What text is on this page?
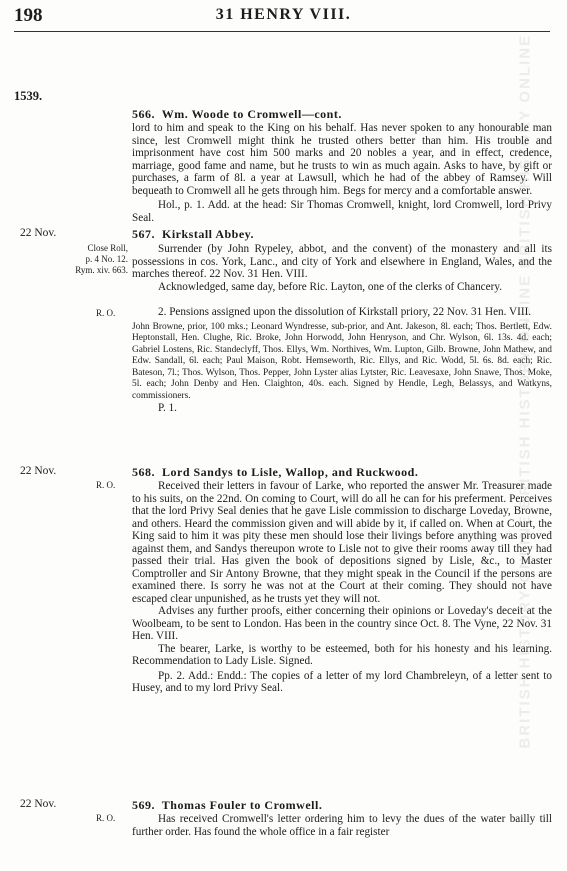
198	31 HENRY VIII.
1539.
566. Wm. Woode to Cromwell—cont.

lord to him and speak to the King on his behalf. Has never spoken to any honourable man since, lest Cromwell might think he trusted others better than him. His trouble and imprisonment have cost him 500 marks and 20 nobles a year, and in effect, credence, marriage, good fame and name, but he trusts to win as much again. Asks to have, by gift or purchases, a farm of 8l. a year at Lawsull, which he had of the abbey of Ramsey. Will bequeath to Cromwell all he gets through him. Begs for mercy and a comfortable answer.

Hol., p. 1. Add. at the head: Sir Thomas Cromwell, knight, lord Cromwell, lord Privy Seal.

22 Nov.	567. Kirkstall Abbey.
Close Roll,
p. 4 No. 12.
Rym. xiv. 663.

Surrender (by John Rypeley, abbot, and the convent) of the monastery and all its possessions in cos. York, Lanc., and city of York and elsewhere in England, Wales, and the marches thereof. 22 Nov. 31 Hen. VIII.

Acknowledged, same day, before Ric. Layton, one of the clerks of Chancery.

R. O.	2. Pensions assigned upon the dissolution of Kirkstall priory, 22 Nov. 31 Hen. VIII.

John Browne, prior, 100 mks.; Leonard Wyndresse, sub-prior, and Ant. Jakeson, 8l. each; Thos. Bertlett, Edw. Heptonstall, Hen. Clughe, Ric. Broke, John Horwodd, John Henryson, and Chr. Wylson, 6l. 13s. 4d. each; Gabriel Lostens, Ric. Standeclyff, Thos. Ellys, Wm. Northives, Wm. Lupton, Gilb. Browne, John Mathew, and Edw. Sandall, 6l. each; Paul Maison, Robt. Hemseworth, Ric. Ellys, and Ric. Wodd, 5l. 6s. 8d. each; Ric. Bateson, 7l.; Thos. Wylson, Thos. Pepper, John Lyster alias Lytster, Ric. Leavesaxe, John Snawe, Thos. Moke, 5l. each; John Denby and Hen. Claighton, 40s. each. Signed by Hendle, Legh, Belassys, and Watkyns, commissioners.

P. 1.

22 Nov.
R. O.
568. Lord Sandys to Lisle, Wallop, and Ruckwood.

Received their letters in favour of Larke, who reported the answer Mr. Treasurer made to his suits, on the 22nd. On coming to Court, will do all he can for his preferment. Perceives that the lord Privy Seal denies that he gave Lisle commission to discharge Loveday, Browne, and others. Heard the commission given and will abide by it, if called on. When at Court, the King said to him it was pity these men should lose their livings before anything was proved against them, and Sandys thereupon wrote to Lisle not to give their rooms away till they had passed their trial. Has given the book of depositions signed by Lisle, &c., to Master Comptroller and Sir Antony Browne, that they might speak in the Council if the persons are examined there. Is sorry he was not at the Court at their coming. They should not have escaped clear unpunished, as he trusts yet they will not.

Advises any further proofs, either concerning their opinions or Loveday's deceit at the Woolbeam, to be sent to London. Has been in the country since Oct. 8. The Vyne, 22 Nov. 31 Hen. VIII.

The bearer, Larke, is worthy to be esteemed, both for his honesty and his learning. Recommendation to Lady Lisle. Signed.

Pp. 2. Add.: Endd.: The copies of a letter of my lord Chambreleyn, of a letter sent to Husey, and to my lord Privy Seal.

22 Nov.
R. O.
569. Thomas Fouler to Cromwell.

Has received Cromwell's letter ordering him to levy the dues of the water bailly till further order. Has found the whole office in a fair register

BRITISH HISTORY ONLINE
BRITISH HISTORY ONLINE
BRITISH HISTORY ONLINE
